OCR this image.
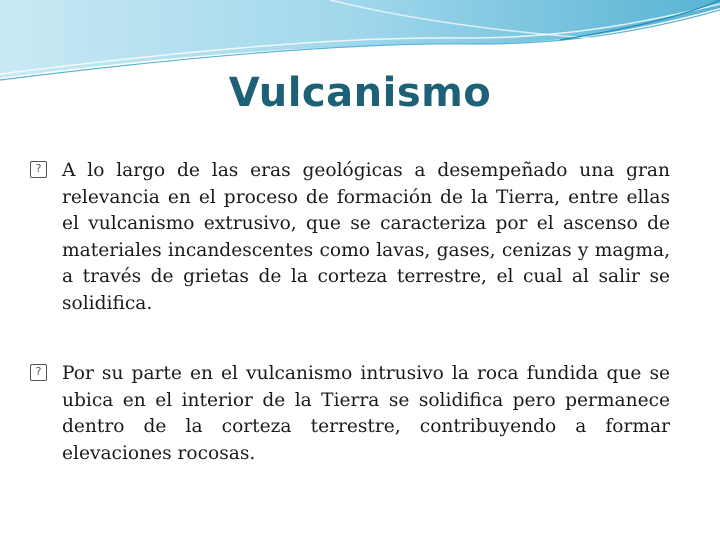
Vulcanismo
? A lo largo de las eras geológicas a desempeñado una gran relevancia en el proceso de formación de la Tierra, entre ellas el vulcanismo extrusivo, que se caracteriza por el ascenso de materiales incandescentes como lavas, gases, cenizas y magma, a través de grietas de la corteza terrestre, el cual al salir se solidifica.

? Por su parte en el vulcanismo intrusivo la roca fundida que se ubica en el interior de la Tierra se solidifica pero permanece dentro de la corteza terrestre, contribuyendo a formar elevaciones rocosas.
